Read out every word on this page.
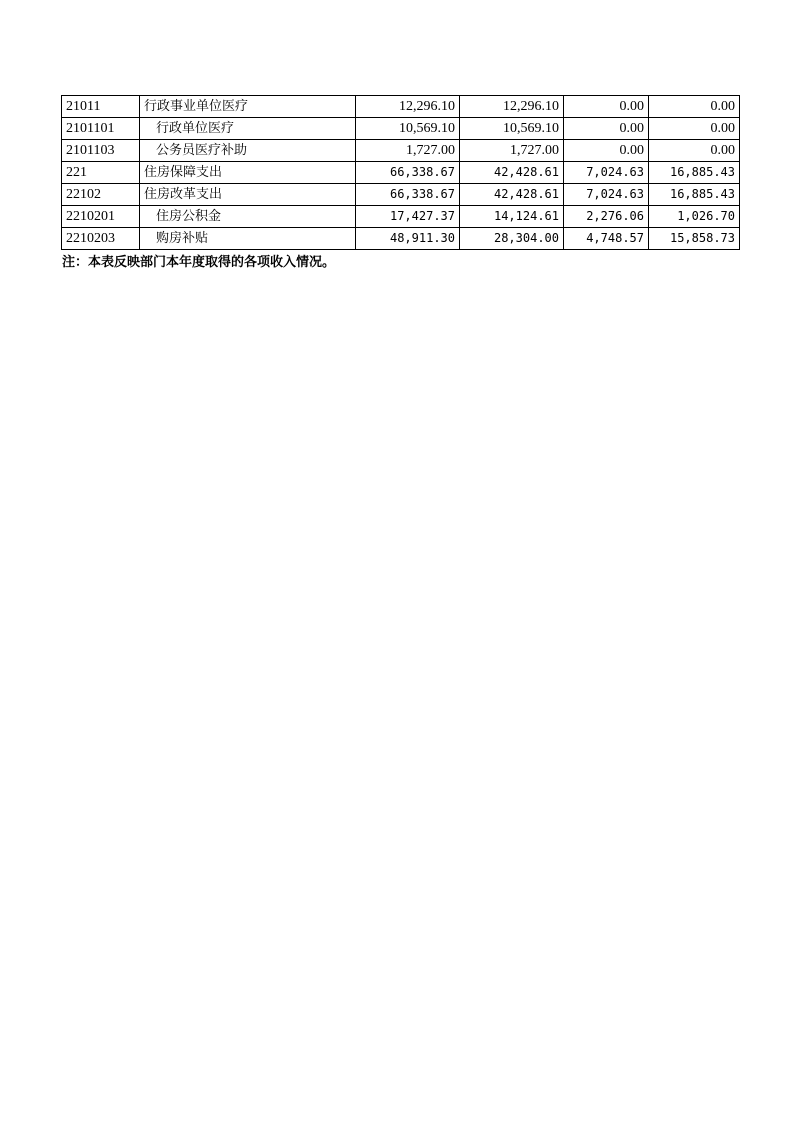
21011	行政事业单位医疗	12,296.10	12,296.10	0.00	0.00
2101101	行政单位医疗	10,569.10	10,569.10	0.00	0.00
2101103	公务员医疗补助	1,727.00	1,727.00	0.00	0.00
221	住房保障支出	66,338.67	42,428.61	7,024.63	16,885.43
22102	住房改革支出	66,338.67	42,428.61	7,024.63	16,885.43
2210201	住房公积金	17,427.37	14,124.61	2,276.06	1,026.70
2210203	购房补贴	48,911.30	28,304.00	4,748.57	15,858.73
注：本表反映部门本年度取得的各项收入情况。
